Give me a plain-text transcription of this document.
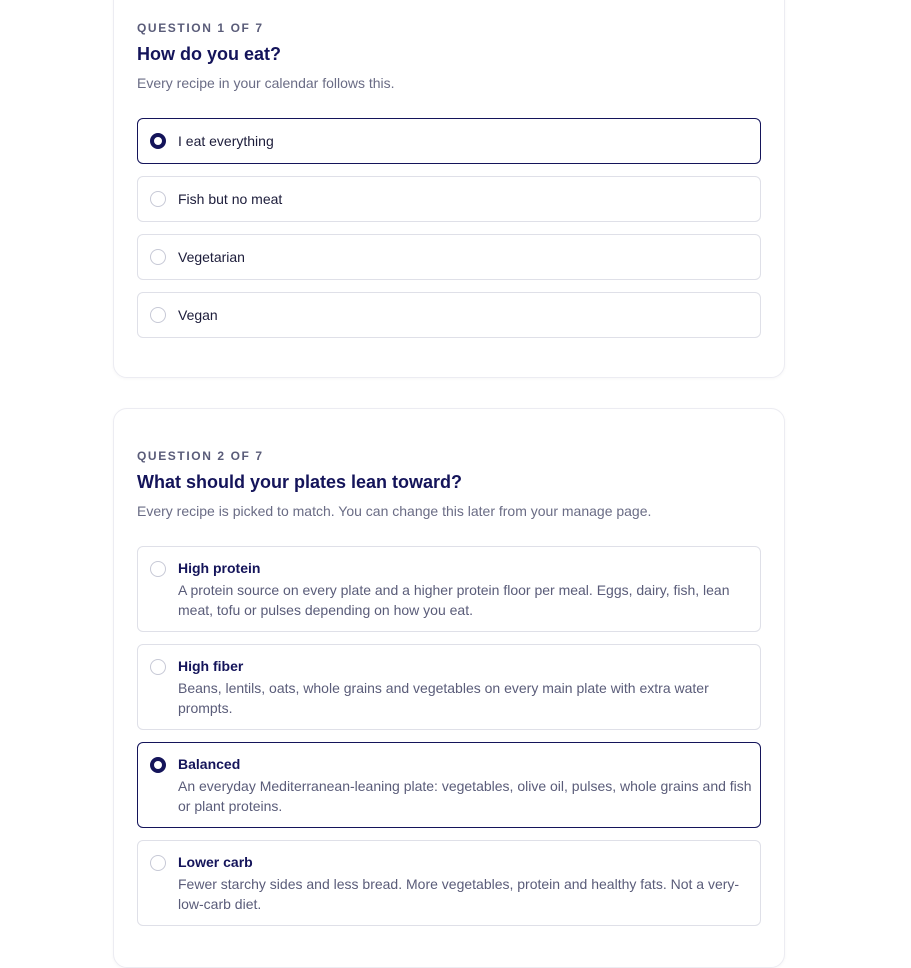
QUESTION 1 OF 7
How do you eat?

Every recipe in your calendar follows this.

I eat everything
Fish but no meat
Vegetarian
Vegan
QUESTION 2 OF 7
What should your plates lean toward?

Every recipe is picked to match. You can change this later from your manage page.

High protein
A protein source on every plate and a higher protein floor per meal. Eggs, dairy, fish, lean meat, tofu or pulses depending on how you eat.
High fiber
Beans, lentils, oats, whole grains and vegetables on every main plate with extra water prompts.
Balanced
An everyday Mediterranean-leaning plate: vegetables, olive oil, pulses, whole grains and fish or plant proteins.
Lower carb
Fewer starchy sides and less bread. More vegetables, protein and healthy fats. Not a very-low-carb diet.
